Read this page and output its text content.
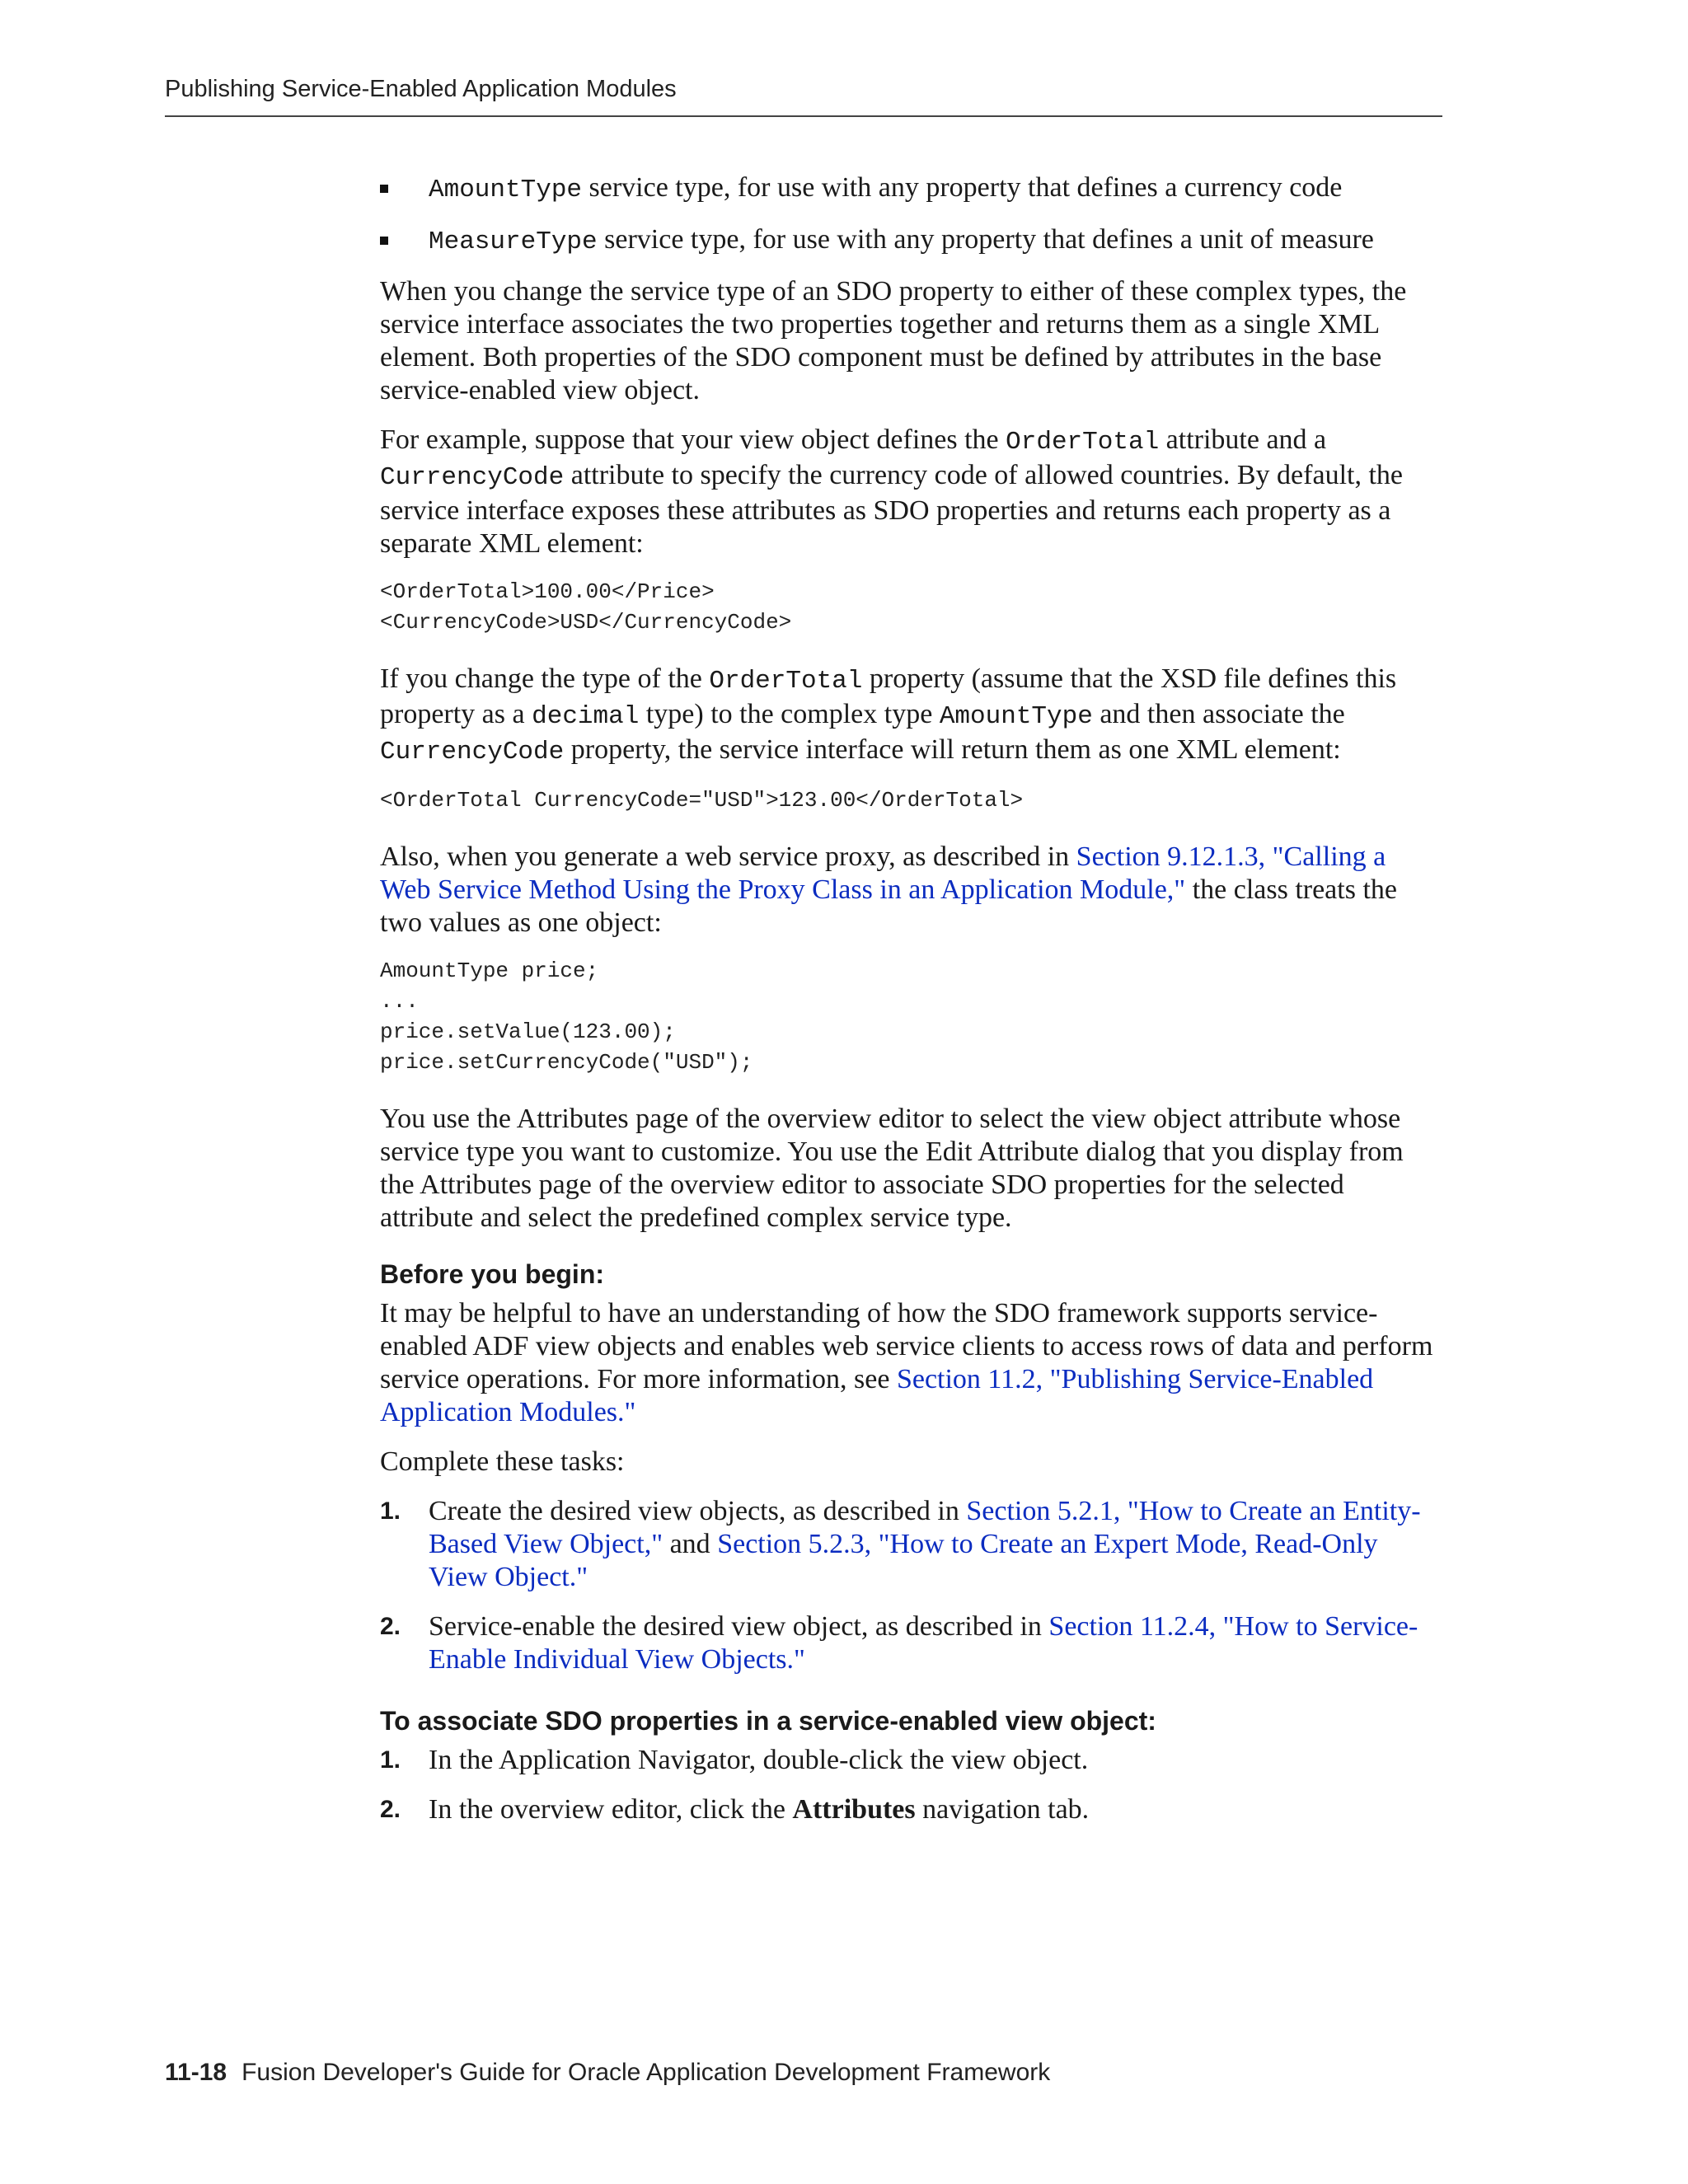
Publishing Service-Enabled Application Modules
AmountType service type, for use with any property that defines a currency code
MeasureType service type, for use with any property that defines a unit of measure

When you change the service type of an SDO property to either of these complex types, the service interface associates the two properties together and returns them as a single XML element. Both properties of the SDO component must be defined by attributes in the base service-enabled view object.

For example, suppose that your view object defines the OrderTotal attribute and a CurrencyCode attribute to specify the currency code of allowed countries. By default, the service interface exposes these attributes as SDO properties and returns each property as a separate XML element:

<OrderTotal>100.00</Price>
<CurrencyCode>USD</CurrencyCode>

If you change the type of the OrderTotal property (assume that the XSD file defines this property as a decimal type) to the complex type AmountType and then associate the CurrencyCode property, the service interface will return them as one XML element:

<OrderTotal CurrencyCode="USD">123.00</OrderTotal>

Also, when you generate a web service proxy, as described in Section 9.12.1.3, "Calling a Web Service Method Using the Proxy Class in an Application Module," the class treats the two values as one object:

AmountType price;
...
price.setValue(123.00);
price.setCurrencyCode("USD");

You use the Attributes page of the overview editor to select the view object attribute whose service type you want to customize. You use the Edit Attribute dialog that you display from the Attributes page of the overview editor to associate SDO properties for the selected attribute and select the predefined complex service type.

Before you begin:

It may be helpful to have an understanding of how the SDO framework supports service-enabled ADF view objects and enables web service clients to access rows of data and perform service operations. For more information, see Section 11.2, "Publishing Service-Enabled Application Modules."

Complete these tasks:

1. Create the desired view objects, as described in Section 5.2.1, "How to Create an Entity-Based View Object," and Section 5.2.3, "How to Create an Expert Mode, Read-Only View Object."
2. Service-enable the desired view object, as described in Section 11.2.4, "How to Service-Enable Individual View Objects."
To associate SDO properties in a service-enabled view object:
1. In the Application Navigator, double-click the view object.
2. In the overview editor, click the Attributes navigation tab.
11-18 Fusion Developer's Guide for Oracle Application Development Framework
